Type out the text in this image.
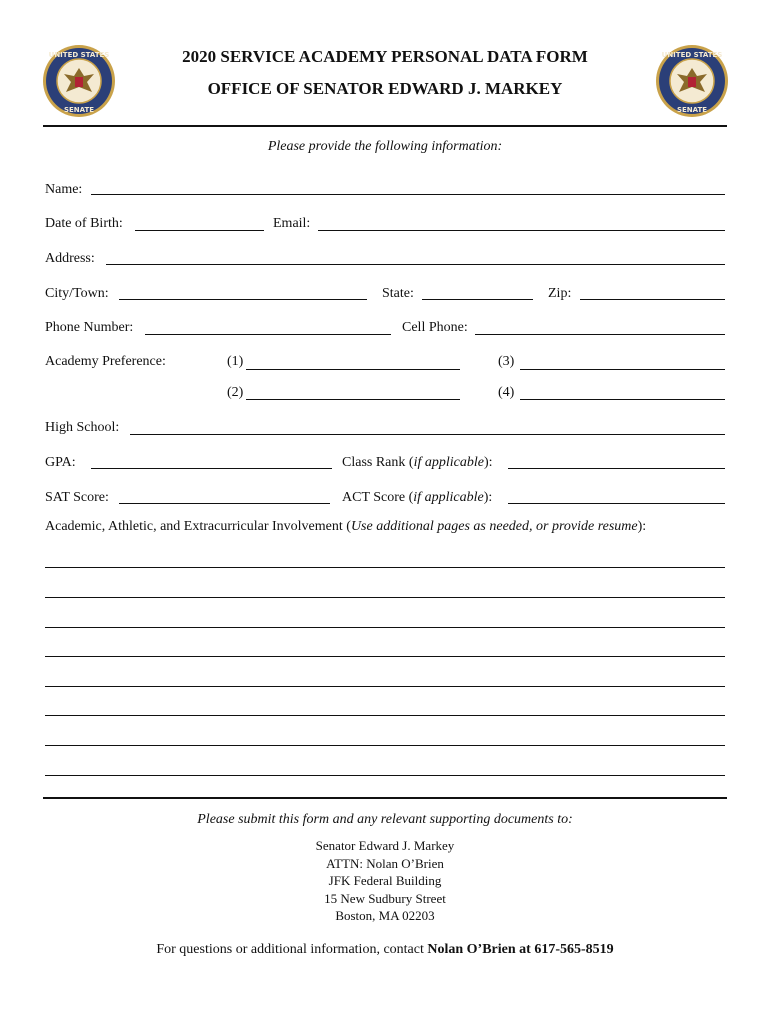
UNITED STATES
SENATE
UNITED STATES
SENATE
2020 SERVICE ACADEMY PERSONAL DATA FORM
OFFICE OF SENATOR EDWARD J. MARKEY
Please provide the following information:
Name:
Date of Birth:	Email:
Address:
City/Town:	State:	Zip:
Phone Number:	Cell Phone:
Academy Preference:	(1)	(3)
(2)	(4)
High School:
GPA:	Class Rank (if applicable):
SAT Score:	ACT Score (if applicable):
Academic, Athletic, and Extracurricular Involvement (Use additional pages as needed, or provide resume):
Please submit this form and any relevant supporting documents to:
Senator Edward J. Markey
ATTN: Nolan O’Brien
JFK Federal Building
15 New Sudbury Street
Boston, MA 02203
For questions or additional information, contact Nolan O’Brien at 617-565-8519
